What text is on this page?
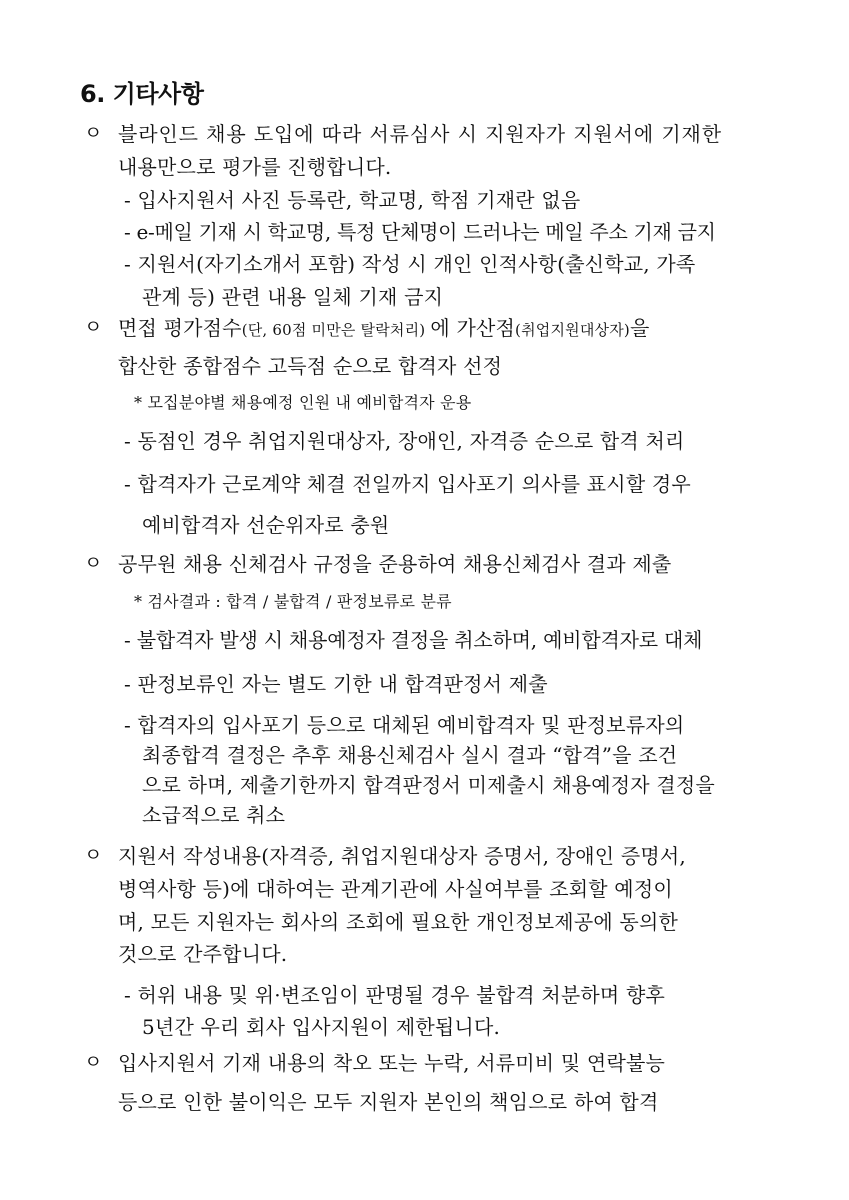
6. 기타사항
ㅇ
ㅇ
ㅇ
ㅇ
ㅇ
블라인드 채용 도입에 따라 서류심사 시 지원자가 지원서에 기재한
내용만으로 평가를 진행합니다.
- 입사지원서 사진 등록란, 학교명, 학점 기재란 없음
- e-메일 기재 시 학교명, 특정 단체명이 드러나는 메일 주소 기재 금지
- 지원서(자기소개서 포함) 작성 시 개인 인적사항(출신학교, 가족
관계 등) 관련 내용 일체 기재 금지
면접 평가점수(단, 60점 미만은 탈락처리) 에 가산점(취업지원대상자)을
합산한 종합점수 고득점 순으로 합격자 선정
* 모집분야별 채용예정 인원 내 예비합격자 운용
- 동점인 경우 취업지원대상자, 장애인, 자격증 순으로 합격 처리
- 합격자가 근로계약 체결 전일까지 입사포기 의사를 표시할 경우
예비합격자 선순위자로 충원
공무원 채용 신체검사 규정을 준용하여 채용신체검사 결과 제출
* 검사결과 : 합격 / 불합격 / 판정보류로 분류
- 불합격자 발생 시 채용예정자 결정을 취소하며, 예비합격자로 대체
- 판정보류인 자는 별도 기한 내 합격판정서 제출
- 합격자의 입사포기 등으로 대체된 예비합격자 및 판정보류자의
최종합격 결정은 추후 채용신체검사 실시 결과 “합격”을 조건
으로 하며, 제출기한까지 합격판정서 미제출시 채용예정자 결정을
소급적으로 취소
지원서 작성내용(자격증, 취업지원대상자 증명서, 장애인 증명서,
병역사항 등)에 대하여는 관계기관에 사실여부를 조회할 예정이
며, 모든 지원자는 회사의 조회에 필요한 개인정보제공에 동의한
것으로 간주합니다.
- 허위 내용 및 위·변조임이 판명될 경우 불합격 처분하며 향후
5년간 우리 회사 입사지원이 제한됩니다.
입사지원서 기재 내용의 착오 또는 누락, 서류미비 및 연락불능
등으로 인한 불이익은 모두 지원자 본인의 책임으로 하여 합격
